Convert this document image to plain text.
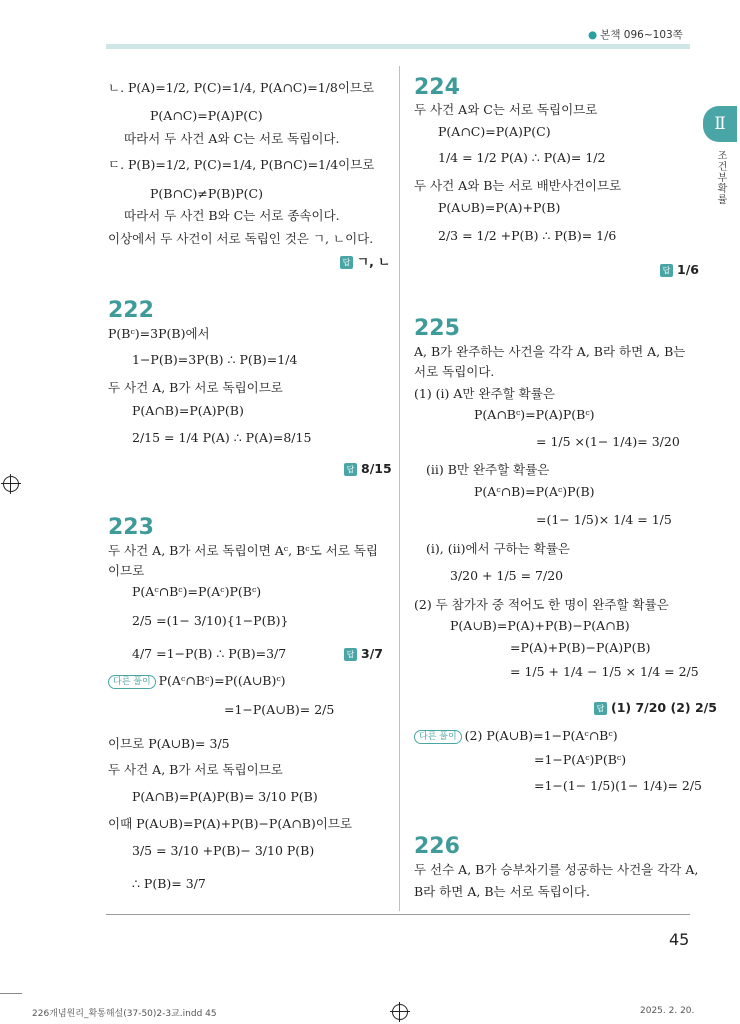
● 본책 096~103쪽
Ⅱ
조건부확률
ㄴ. P(A)=1/2, P(C)=1/4, P(A∩C)=1/8이므로
P(A∩C)=P(A)P(C)
따라서 두 사건 A와 C는 서로 독립이다.
ㄷ. P(B)=1/2, P(C)=1/4, P(B∩C)=1/4이므로
P(B∩C)≠P(B)P(C)
따라서 두 사건 B와 C는 서로 종속이다.
이상에서 두 사건이 서로 독립인 것은 ㄱ, ㄴ이다.
답 ㄱ, ㄴ
222
P(Bᶜ)=3P(B)에서
1−P(B)=3P(B) ∴ P(B)=1/4
두 사건 A, B가 서로 독립이므로
P(A∩B)=P(A)P(B)
2/15 = 1/4 P(A) ∴ P(A)=8/15
답 8/15
223
두 사건 A, B가 서로 독립이면 Aᶜ, Bᶜ도 서로 독립
이므로
P(Aᶜ∩Bᶜ)=P(Aᶜ)P(Bᶜ)
2/5 =(1− 3/10){1−P(B)}
4/7 =1−P(B) ∴ P(B)=3/7	답 3/7
다른 풀이 P(Aᶜ∩Bᶜ)=P((A∪B)ᶜ)
=1−P(A∪B)= 2/5
이므로 P(A∪B)= 3/5
두 사건 A, B가 서로 독립이므로
P(A∩B)=P(A)P(B)= 3/10 P(B)
이때 P(A∪B)=P(A)+P(B)−P(A∩B)이므로
3/5 = 3/10 +P(B)− 3/10 P(B)
∴ P(B)= 3/7
224
두 사건 A와 C는 서로 독립이므로
P(A∩C)=P(A)P(C)
1/4 = 1/2 P(A) ∴ P(A)= 1/2
두 사건 A와 B는 서로 배반사건이므로
P(A∪B)=P(A)+P(B)
2/3 = 1/2 +P(B) ∴ P(B)= 1/6
답 1/6
225
A, B가 완주하는 사건을 각각 A, B라 하면 A, B는
서로 독립이다.
(1) (ⅰ) A만 완주할 확률은
P(A∩Bᶜ)=P(A)P(Bᶜ)
= 1/5 ×(1− 1/4)= 3/20
(ⅱ) B만 완주할 확률은
P(Aᶜ∩B)=P(Aᶜ)P(B)
=(1− 1/5)× 1/4 = 1/5
(ⅰ), (ⅱ)에서 구하는 확률은
3/20 + 1/5 = 7/20
(2) 두 참가자 중 적어도 한 명이 완주할 확률은
P(A∪B)=P(A)+P(B)−P(A∩B)
=P(A)+P(B)−P(A)P(B)
= 1/5 + 1/4 − 1/5 × 1/4 = 2/5
답 (1) 7/20 (2) 2/5
다른 풀이 (2) P(A∪B)=1−P(Aᶜ∩Bᶜ)
=1−P(Aᶜ)P(Bᶜ)
=1−(1− 1/5)(1− 1/4)= 2/5
226
두 선수 A, B가 승부차기를 성공하는 사건을 각각 A,
B라 하면 A, B는 서로 독립이다.
45
226개념원리_확통해설(37-50)2-3교.indd 45	2025. 2. 20.
